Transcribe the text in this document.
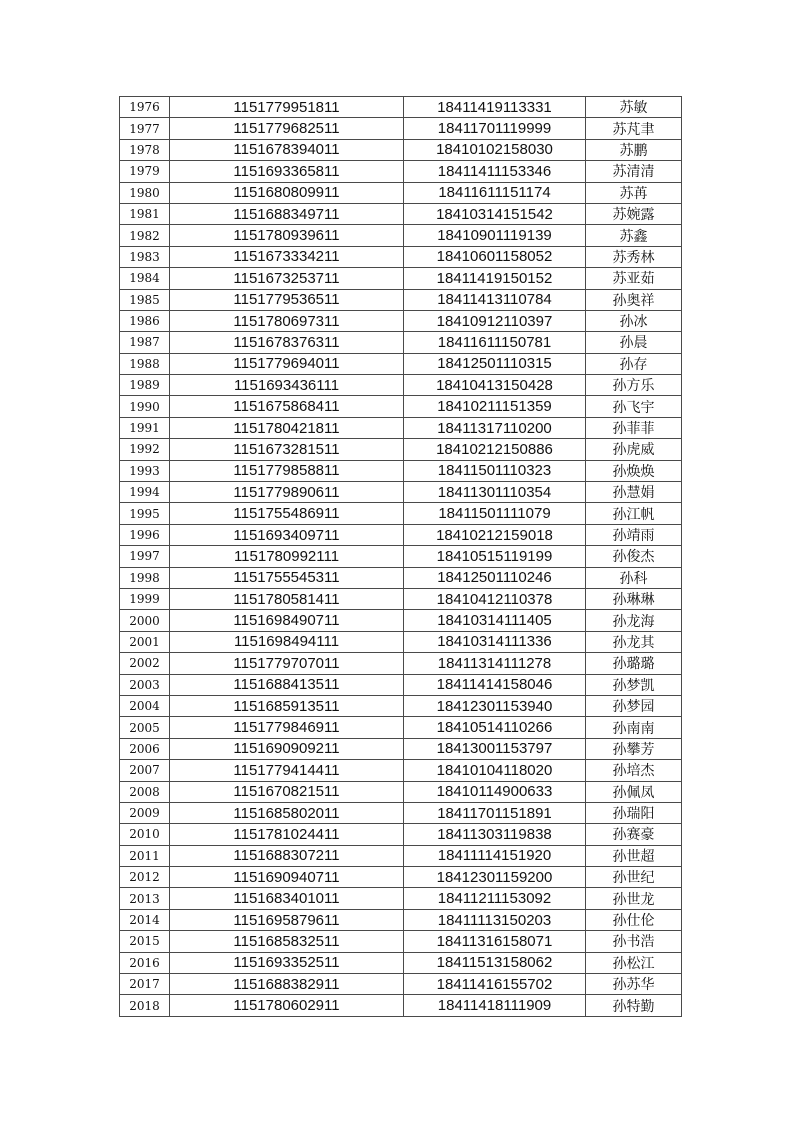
1976	1151779951811	18411419113331	苏敏
1977	1151779682511	18411701119999	苏芃聿
1978	1151678394011	18410102158030	苏鹏
1979	1151693365811	18411411153346	苏清清
1980	1151680809911	18411611151174	苏苒
1981	1151688349711	18410314151542	苏婉露
1982	1151780939611	18410901119139	苏鑫
1983	1151673334211	18410601158052	苏秀林
1984	1151673253711	18411419150152	苏亚茹
1985	1151779536511	18411413110784	孙奥祥
1986	1151780697311	18410912110397	孙冰
1987	1151678376311	18411611150781	孙晨
1988	1151779694011	18412501110315	孙存
1989	1151693436111	18410413150428	孙方乐
1990	1151675868411	18410211151359	孙飞宇
1991	1151780421811	18411317110200	孙菲菲
1992	1151673281511	18410212150886	孙虎威
1993	1151779858811	18411501110323	孙焕焕
1994	1151779890611	18411301110354	孙慧娟
1995	1151755486911	18411501111079	孙江帆
1996	1151693409711	18410212159018	孙靖雨
1997	1151780992111	18410515119199	孙俊杰
1998	1151755545311	18412501110246	孙科
1999	1151780581411	18410412110378	孙琳琳
2000	1151698490711	18410314111405	孙龙海
2001	1151698494111	18410314111336	孙龙其
2002	1151779707011	18411314111278	孙璐璐
2003	1151688413511	18411414158046	孙梦凯
2004	1151685913511	18412301153940	孙梦园
2005	1151779846911	18410514110266	孙南南
2006	1151690909211	18413001153797	孙攀芳
2007	1151779414411	18410104118020	孙培杰
2008	1151670821511	18410114900633	孙佩凤
2009	1151685802011	18411701151891	孙瑞阳
2010	1151781024411	18411303119838	孙赛豪
2011	1151688307211	18411114151920	孙世超
2012	1151690940711	18412301159200	孙世纪
2013	1151683401011	18411211153092	孙世龙
2014	1151695879611	18411113150203	孙仕伦
2015	1151685832511	18411316158071	孙书浩
2016	1151693352511	18411513158062	孙松江
2017	1151688382911	18411416155702	孙苏华
2018	1151780602911	18411418111909	孙特勤
